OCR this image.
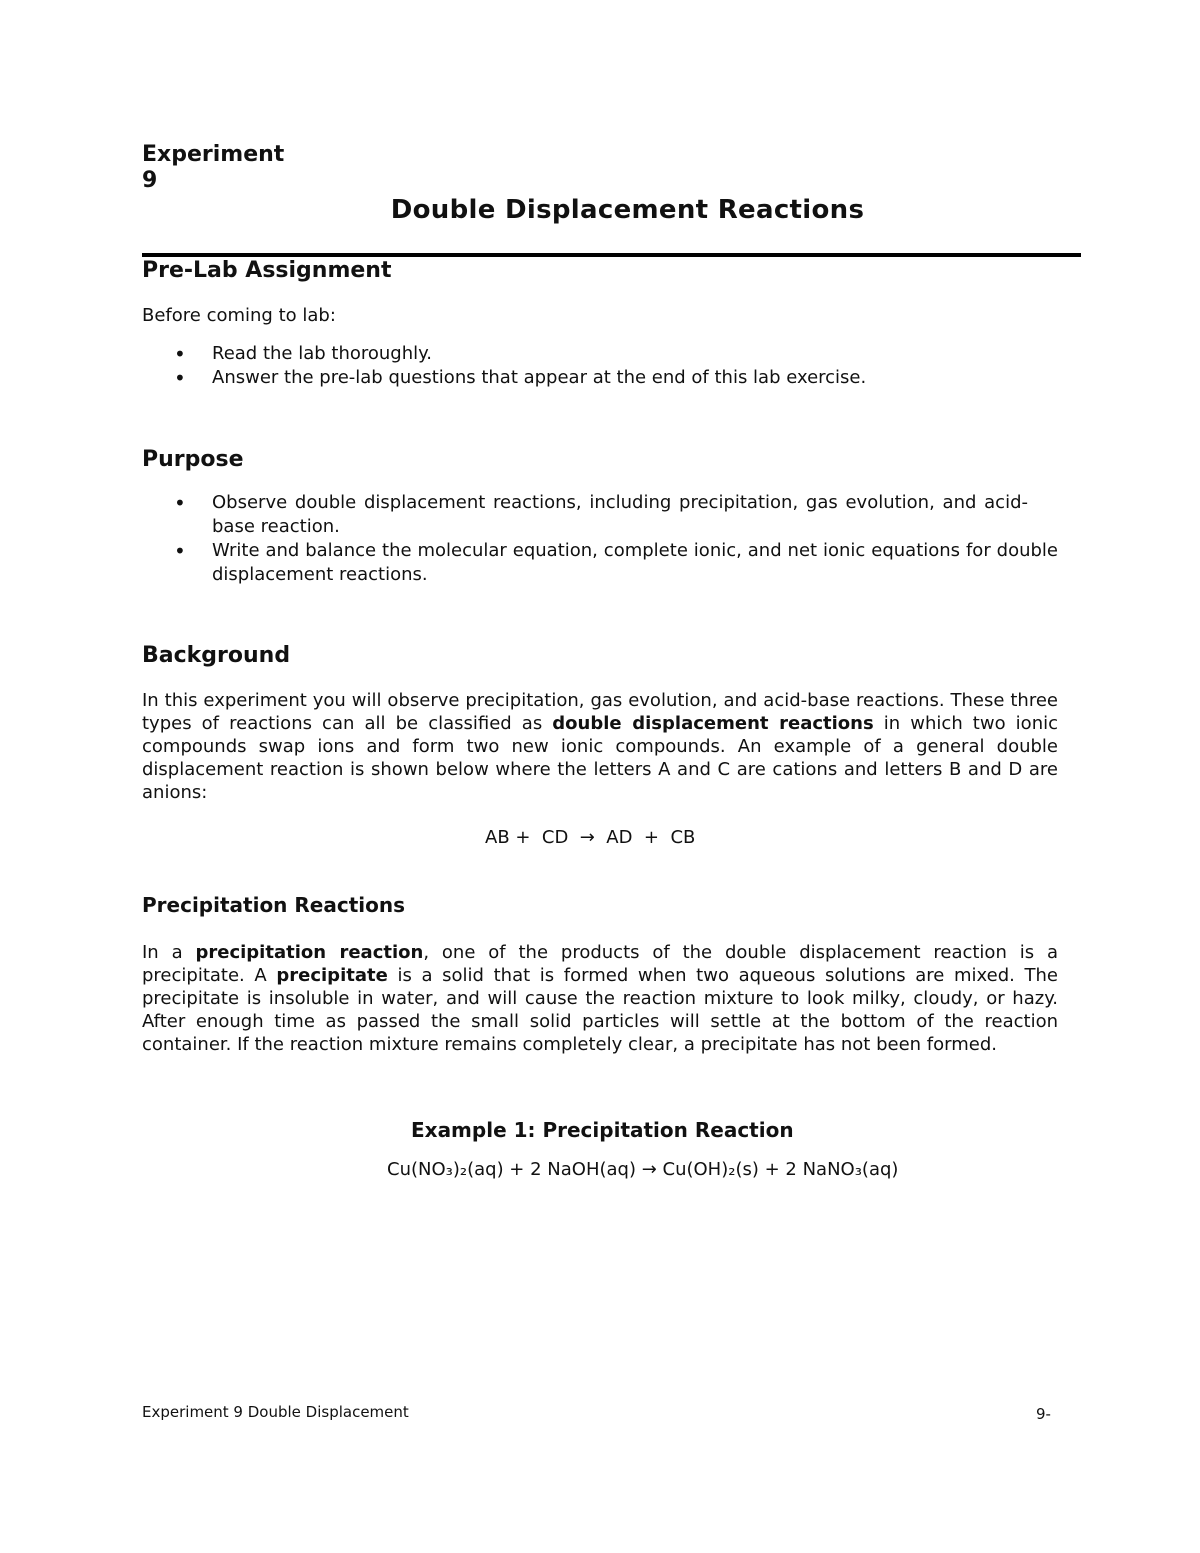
Experiment
9
Double Displacement Reactions
Pre-Lab Assignment
Before coming to lab:
• Read the lab thoroughly.
• Answer the pre-lab questions that appear at the end of this lab exercise.
Purpose
• Observe double displacement reactions, including precipitation, gas evolution, and acid-base reaction.
• Write and balance the molecular equation, complete ionic, and net ionic equations for double displacement reactions.
Background

In this experiment you will observe precipitation, gas evolution, and acid-base reactions. These three types of reactions can all be classified as double displacement reactions in which two ionic compounds swap ions and form two new ionic compounds. An example of a general double displacement reaction is shown below where the letters A and C are cations and letters B and D are anions:

AB +  CD  →  AD  +  CB
Precipitation Reactions

In a precipitation reaction, one of the products of the double displacement reaction is a precipitate. A precipitate is a solid that is formed when two aqueous solutions are mixed. The precipitate is insoluble in water, and will cause the reaction mixture to look milky, cloudy, or hazy. After enough time as passed the small solid particles will settle at the bottom of the reaction container. If the reaction mixture remains completely clear, a precipitate has not been formed.

Example 1: Precipitation Reaction
Cu(NO₃)₂(aq) + 2 NaOH(aq) → Cu(OH)₂(s) + 2 NaNO₃(aq)
Experiment 9 Double Displacement	9-
